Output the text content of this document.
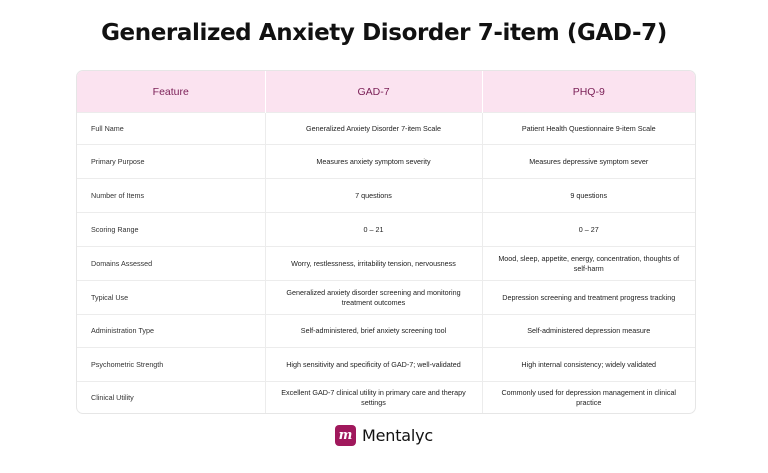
Generalized Anxiety Disorder 7-item (GAD-7)
Feature	GAD-7	PHQ-9
Full Name	Generalized Anxiety Disorder 7-item Scale	Patient Health Questionnaire 9-item Scale
Primary Purpose	Measures anxiety symptom severity	Measures depressive symptom sever
Number of Items	7 questions	9 questions
Scoring Range	0 – 21	0 – 27
Domains Assessed	Worry, restlessness, irritability tension, nervousness	Mood, sleep, appetite, energy, concentration, thoughts of self-harm
Typical Use	Generalized anxiety disorder screening and monitoring treatment outcomes	Depression screening and treatment progress tracking
Administration Type	Self-administered, brief anxiety screening tool	Self-administered depression measure
Psychometric Strength	High sensitivity and specificity of GAD-7; well-validated	High internal consistency; widely validated
Clinical Utility	Excellent GAD-7 clinical utility in primary care and therapy settings	Commonly used for depression management in clinical practice
m Mentalyc
